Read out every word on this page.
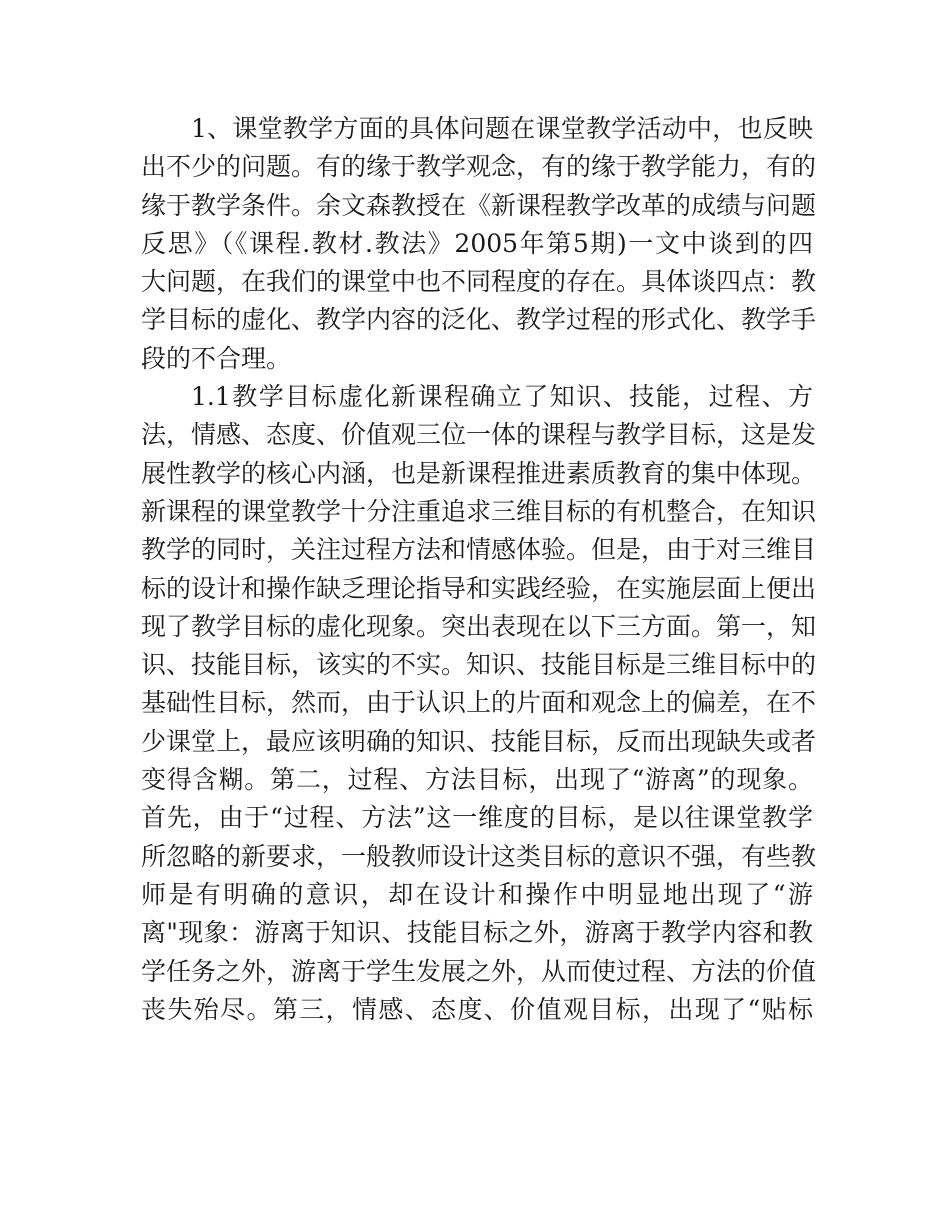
1、课堂教学方面的具体问题在课堂教学活动中，也反映
出不少的问题。有的缘于教学观念，有的缘于教学能力，有的
缘于教学条件。余文森教授在《新课程教学改革的成绩与问题
反思》（《课程.教材.教法》2005年第5期)一文中谈到的四
大问题，在我们的课堂中也不同程度的存在。具体谈四点：教
学目标的虚化、教学内容的泛化、教学过程的形式化、教学手
段的不合理。
1.1教学目标虚化新课程确立了知识、技能，过程、方
法，情感、态度、价值观三位一体的课程与教学目标，这是发
展性教学的核心内涵，也是新课程推进素质教育的集中体现。
新课程的课堂教学十分注重追求三维目标的有机整合，在知识
教学的同时，关注过程方法和情感体验。但是，由于对三维目
标的设计和操作缺乏理论指导和实践经验，在实施层面上便出
现了教学目标的虚化现象。突出表现在以下三方面。第一，知
识、技能目标，该实的不实。知识、技能目标是三维目标中的
基础性目标，然而，由于认识上的片面和观念上的偏差，在不
少课堂上，最应该明确的知识、技能目标，反而出现缺失或者
变得含糊。第二，过程、方法目标，出现了“游离”的现象。
首先，由于“过程、方法”这一维度的目标，是以往课堂教学
所忽略的新要求，一般教师设计这类目标的意识不强，有些教
师是有明确的意识，却在设计和操作中明显地出现了“游
离"现象：游离于知识、技能目标之外，游离于教学内容和教
学任务之外，游离于学生发展之外，从而使过程、方法的价值
丧失殆尽。第三，情感、态度、价值观目标，出现了“贴标
